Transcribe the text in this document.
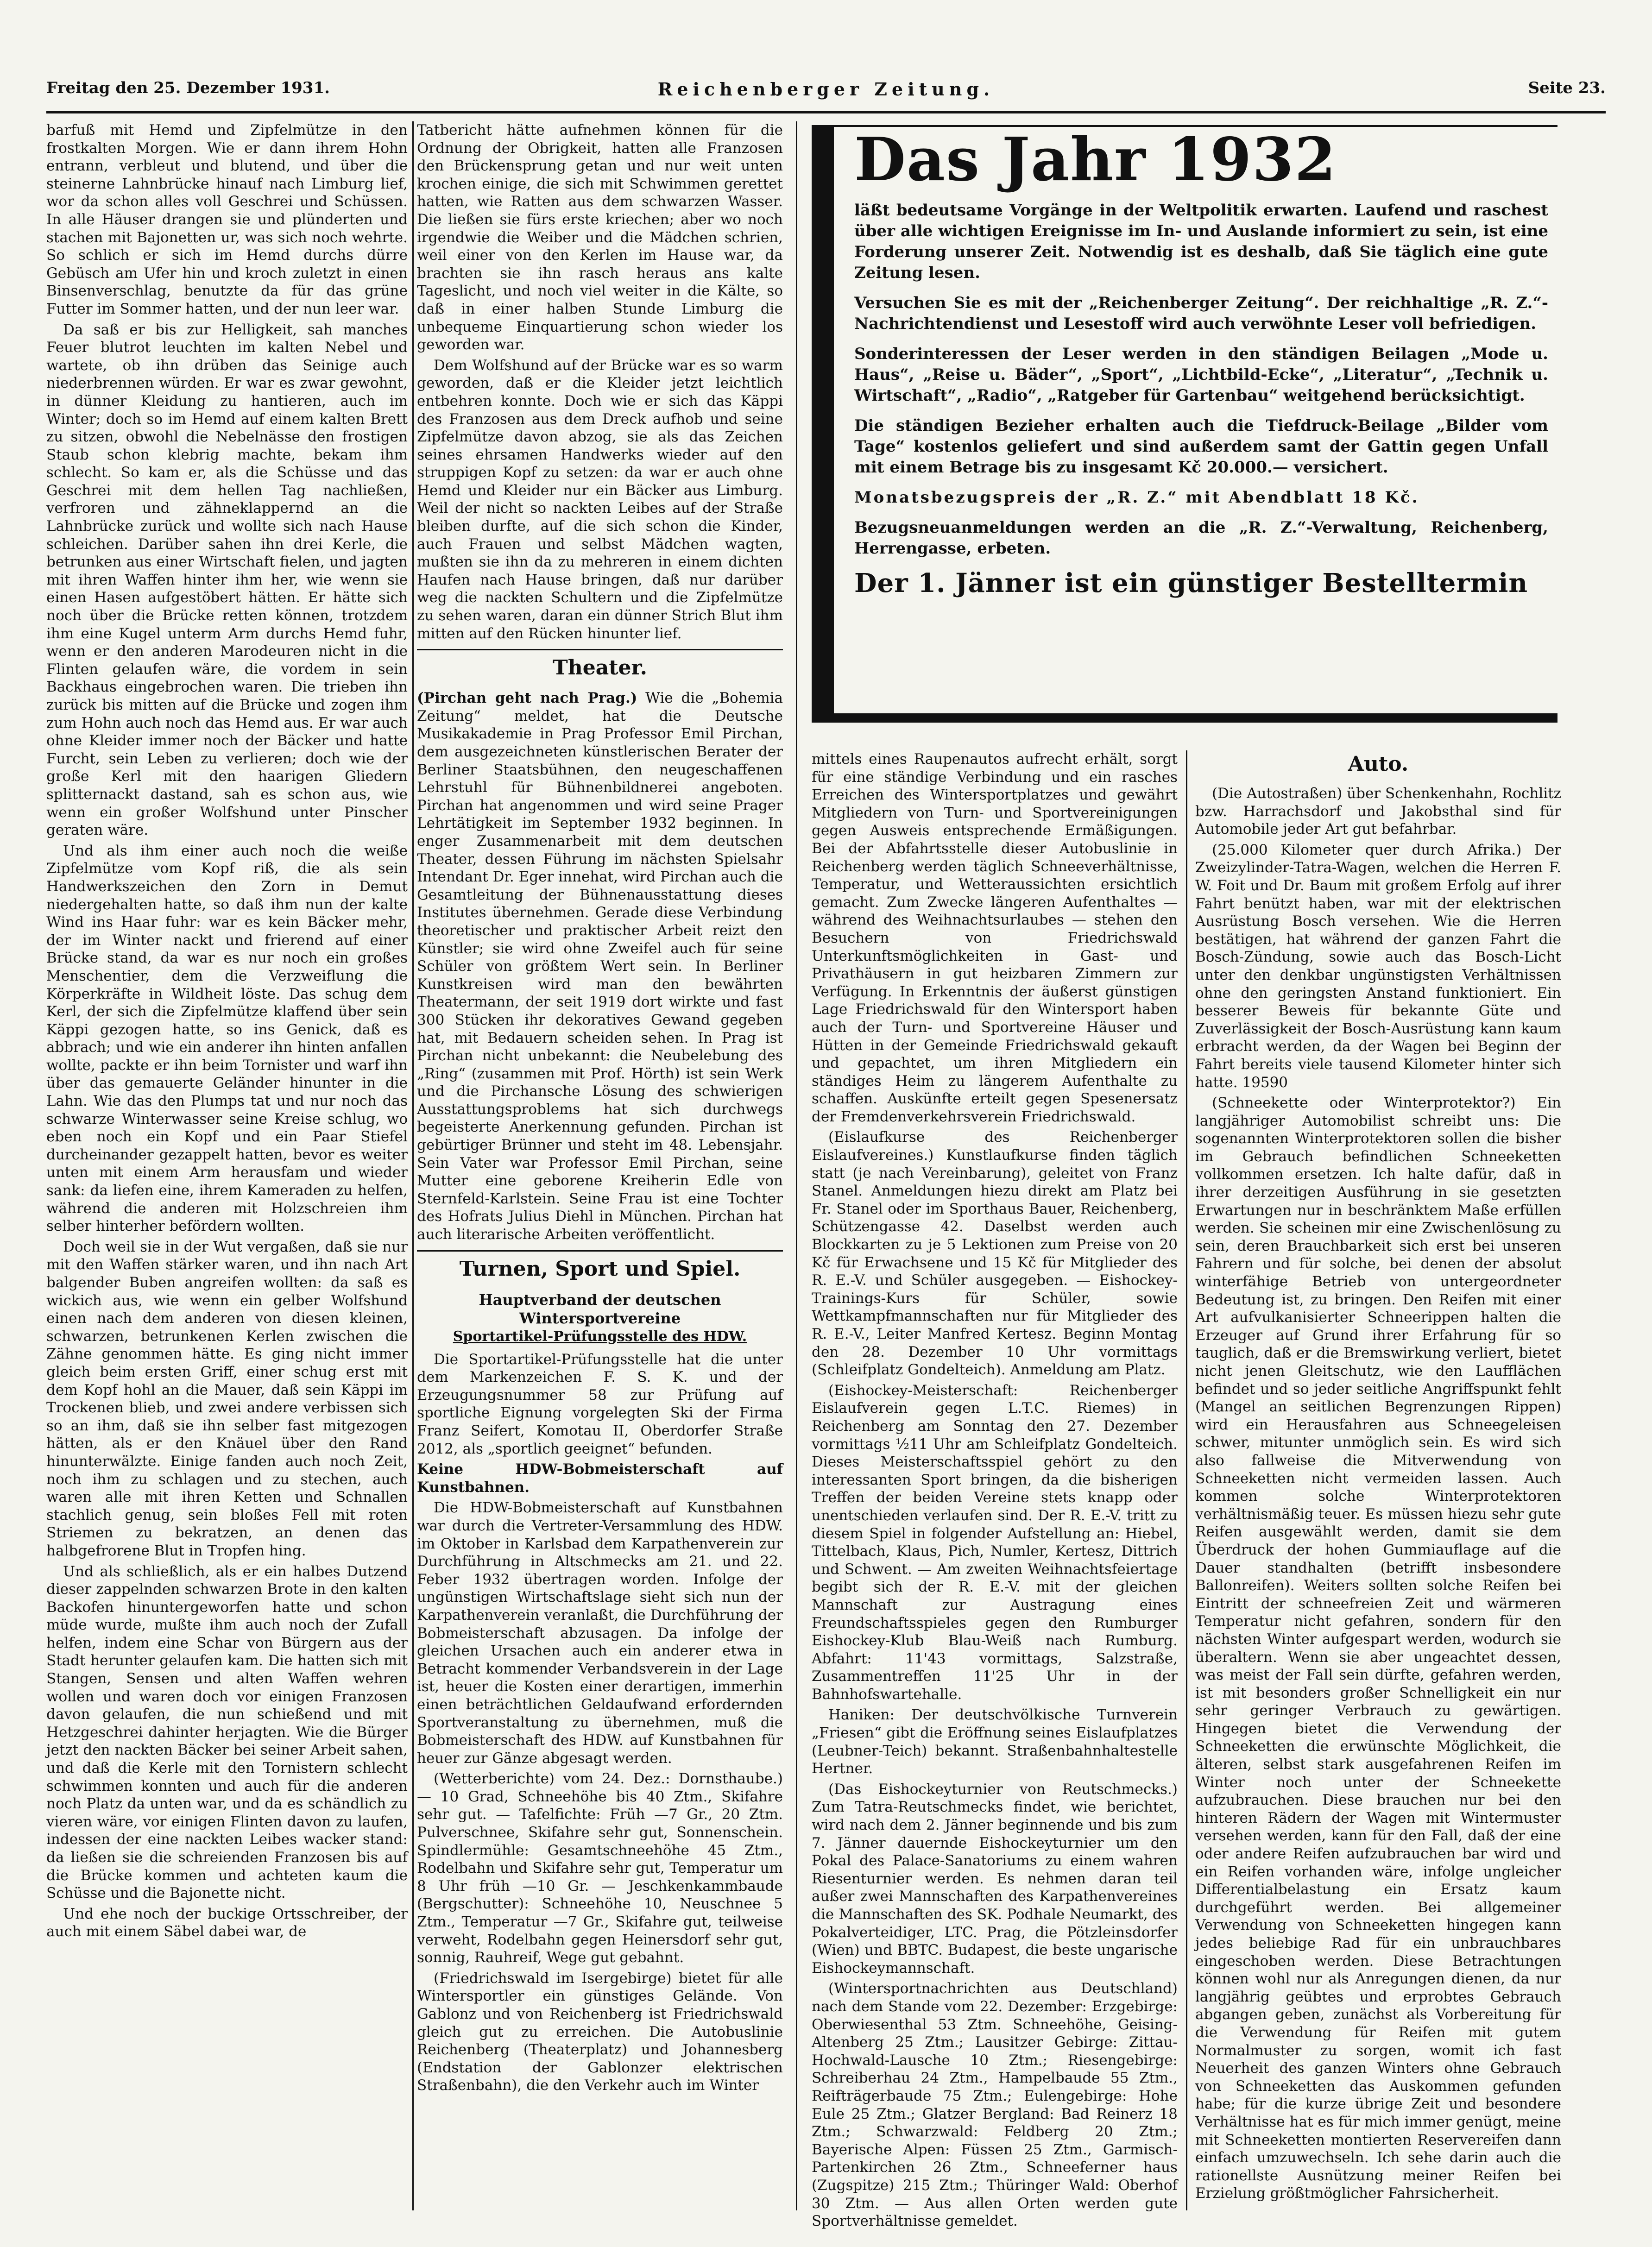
Freitag den 25. Dezember 1931.	Reichenberger Zeitung.	Seite 23.

barfuß mit Hemd und Zipfelmütze in den frostkalten Morgen. Wie er dann ihrem Hohn entrann, verbleut und blutend, und über die steinerne Lahnbrücke hinauf nach Limburg lief, wor da schon alles voll Geschrei und Schüssen. In alle Häuser drangen sie und plünderten und stachen mit Bajonetten ur, was sich noch wehrte. So schlich er sich im Hemd durchs dürre Gebüsch am Ufer hin und kroch zuletzt in einen Binsenverschlag, benutzte da für das grüne Futter im Sommer hatten, und der nun leer war.

Da saß er bis zur Helligkeit, sah manches Feuer blutrot leuchten im kalten Nebel und wartete, ob ihn drüben das Seinige auch niederbrennen würden. Er war es zwar gewohnt, in dünner Kleidung zu hantieren, auch im Winter; doch so im Hemd auf einem kalten Brett zu sitzen, obwohl die Nebelnässe den frostigen Staub schon klebrig machte, bekam ihm schlecht. So kam er, als die Schüsse und das Geschrei mit dem hellen Tag nachließen, verfroren und zähneklappernd an die Lahnbrücke zurück und wollte sich nach Hause schleichen. Darüber sahen ihn drei Kerle, die betrunken aus einer Wirtschaft fielen, und jagten mit ihren Waffen hinter ihm her, wie wenn sie einen Hasen aufgestöbert hätten. Er hätte sich noch über die Brücke retten können, trotzdem ihm eine Kugel unterm Arm durchs Hemd fuhr, wenn er den anderen Marodeuren nicht in die Flinten gelaufen wäre, die vordem in sein Backhaus eingebrochen waren. Die trieben ihn zurück bis mitten auf die Brücke und zogen ihm zum Hohn auch noch das Hemd aus. Er war auch ohne Kleider immer noch der Bäcker und hatte Furcht, sein Leben zu verlieren; doch wie der große Kerl mit den haarigen Gliedern splitternackt dastand, sah es schon aus, wie wenn ein großer Wolfshund unter Pinscher geraten wäre.

Und als ihm einer auch noch die weiße Zipfelmütze vom Kopf riß, die als sein Handwerkszeichen den Zorn in Demut niedergehalten hatte, so daß ihm nun der kalte Wind ins Haar fuhr: war es kein Bäcker mehr, der im Winter nackt und frierend auf einer Brücke stand, da war es nur noch ein großes Menschentier, dem die Verzweiflung die Körperkräfte in Wildheit löste. Das schug dem Kerl, der sich die Zipfelmütze klaffend über sein Käppi gezogen hatte, so ins Genick, daß es abbrach; und wie ein anderer ihn hinten anfallen wollte, packte er ihn beim Tornister und warf ihn über das gemauerte Geländer hinunter in die Lahn. Wie das den Plumps tat und nur noch das schwarze Winterwasser seine Kreise schlug, wo eben noch ein Kopf und ein Paar Stiefel durcheinander gezappelt hatten, bevor es weiter unten mit einem Arm herausfam und wieder sank: da liefen eine, ihrem Kameraden zu helfen, während die anderen mit Holzschreien ihm selber hinterher befördern wollten.

Doch weil sie in der Wut vergaßen, daß sie nur mit den Waffen stärker waren, und ihn nach Art balgender Buben angreifen wollten: da saß es wickich aus, wie wenn ein gelber Wolfshund einen nach dem anderen von diesen kleinen, schwarzen, betrunkenen Kerlen zwischen die Zähne genommen hätte. Es ging nicht immer gleich beim ersten Griff, einer schug erst mit dem Kopf hohl an die Mauer, daß sein Käppi im Trockenen blieb, und zwei andere verbissen sich so an ihm, daß sie ihn selber fast mitgezogen hätten, als er den Knäuel über den Rand hinunterwälzte. Einige fanden auch noch Zeit, noch ihm zu schlagen und zu stechen, auch waren alle mit ihren Ketten und Schnallen stachlich genug, sein bloßes Fell mit roten Striemen zu bekratzen, an denen das halbgefrorene Blut in Tropfen hing.

Und als schließlich, als er ein halbes Dutzend dieser zappelnden schwarzen Brote in den kalten Backofen hinuntergeworfen hatte und schon müde wurde, mußte ihm auch noch der Zufall helfen, indem eine Schar von Bürgern aus der Stadt herunter gelaufen kam. Die hatten sich mit Stangen, Sensen und alten Waffen wehren wollen und waren doch vor einigen Franzosen davon gelaufen, die nun schießend und mit Hetzgeschrei dahinter herjagten. Wie die Bürger jetzt den nackten Bäcker bei seiner Arbeit sahen, und daß die Kerle mit den Tornistern schlecht schwimmen konnten und auch für die anderen noch Platz da unten war, und da es schändlich zu vieren wäre, vor einigen Flinten davon zu laufen, indessen der eine nackten Leibes wacker stand: da ließen sie die schreienden Franzosen bis auf die Brücke kommen und achteten kaum die Schüsse und die Bajonette nicht.

Und ehe noch der buckige Ortsschreiber, der auch mit einem Säbel dabei war, de

Tatbericht hätte aufnehmen können für die Ordnung der Obrigkeit, hatten alle Franzosen den Brückensprung getan und nur weit unten krochen einige, die sich mit Schwimmen gerettet hatten, wie Ratten aus dem schwarzen Wasser. Die ließen sie fürs erste kriechen; aber wo noch irgendwie die Weiber und die Mädchen schrien, weil einer von den Kerlen im Hause war, da brachten sie ihn rasch heraus ans kalte Tageslicht, und noch viel weiter in die Kälte, so daß in einer halben Stunde Limburg die unbequeme Einquartierung schon wieder los geworden war.

Dem Wolfshund auf der Brücke war es so warm geworden, daß er die Kleider jetzt leichtlich entbehren konnte. Doch wie er sich das Käppi des Franzosen aus dem Dreck aufhob und seine Zipfelmütze davon abzog, sie als das Zeichen seines ehrsamen Handwerks wieder auf den struppigen Kopf zu setzen: da war er auch ohne Hemd und Kleider nur ein Bäcker aus Limburg. Weil der nicht so nackten Leibes auf der Straße bleiben durfte, auf die sich schon die Kinder, auch Frauen und selbst Mädchen wagten, mußten sie ihn da zu mehreren in einem dichten Haufen nach Hause bringen, daß nur darüber weg die nackten Schultern und die Zipfelmütze zu sehen waren, daran ein dünner Strich Blut ihm mitten auf den Rücken hinunter lief.

Theater.

(Pirchan geht nach Prag.) Wie die „Bohemia Zeitung“ meldet, hat die Deutsche Musikakademie in Prag Professor Emil Pirchan, dem ausgezeichneten künstlerischen Berater der Berliner Staatsbühnen, den neugeschaffenen Lehrstuhl für Bühnenbildnerei angeboten. Pirchan hat angenommen und wird seine Prager Lehrtätigkeit im September 1932 beginnen. In enger Zusammenarbeit mit dem deutschen Theater, dessen Führung im nächsten Spielsahr Intendant Dr. Eger innehat, wird Pirchan auch die Gesamtleitung der Bühnenausstattung dieses Institutes übernehmen. Gerade diese Verbindung theoretischer und praktischer Arbeit reizt den Künstler; sie wird ohne Zweifel auch für seine Schüler von größtem Wert sein. In Berliner Kunstkreisen wird man den bewährten Theatermann, der seit 1919 dort wirkte und fast 300 Stücken ihr dekoratives Gewand gegeben hat, mit Bedauern scheiden sehen. In Prag ist Pirchan nicht unbekannt: die Neubelebung des „Ring“ (zusammen mit Prof. Hörth) ist sein Werk und die Pirchansche Lösung des schwierigen Ausstattungsproblems hat sich durchwegs begeisterte Anerkennung gefunden. Pirchan ist gebürtiger Brünner und steht im 48. Lebensjahr. Sein Vater war Professor Emil Pirchan, seine Mutter eine geborene Kreiherin Edle von Sternfeld-Karlstein. Seine Frau ist eine Tochter des Hofrats Julius Diehl in München. Pirchan hat auch literarische Arbeiten veröffentlicht.

Turnen, Sport und Spiel.
Hauptverband der deutschen Wintersportvereine
Sportartikel-Prüfungsstelle des HDW.

Die Sportartikel-Prüfungsstelle hat die unter dem Markenzeichen F. S. K. und der Erzeugungsnummer 58 zur Prüfung auf sportliche Eignung vorgelegten Ski der Firma Franz Seifert, Komotau II, Oberdorfer Straße 2012, als „sportlich geeignet“ befunden.

Keine HDW-Bobmeisterschaft auf Kunstbahnen.

Die HDW-Bobmeisterschaft auf Kunstbahnen war durch die Vertreter-Versammlung des HDW. im Oktober in Karlsbad dem Karpathenverein zur Durchführung in Altschmecks am 21. und 22. Feber 1932 übertragen worden. Infolge der ungünstigen Wirtschaftslage sieht sich nun der Karpathenverein veranlaßt, die Durchführung der Bobmeisterschaft abzusagen. Da infolge der gleichen Ursachen auch ein anderer etwa in Betracht kommender Verbandsverein in der Lage ist, heuer die Kosten einer derartigen, immerhin einen beträchtlichen Geldaufwand erfordernden Sportveranstaltung zu übernehmen, muß die Bobmeisterschaft des HDW. auf Kunstbahnen für heuer zur Gänze abgesagt werden.

(Wetterberichte) vom 24. Dez.: Dornsthaube.) — 10 Grad, Schneehöhe bis 40 Ztm., Skifahre sehr gut. — Tafelfichte: Früh —7 Gr., 20 Ztm. Pulverschnee, Skifahre sehr gut, Sonnenschein. Spindlermühle: Gesamtschneehöhe 45 Ztm., Rodelbahn und Skifahre sehr gut, Temperatur um 8 Uhr früh —10 Gr. — Jeschkenkammbaude (Bergschutter): Schneehöhe 10, Neuschnee 5 Ztm., Temperatur —7 Gr., Skifahre gut, teilweise verweht, Rodelbahn gegen Heinersdorf sehr gut, sonnig, Rauhreif, Wege gut gebahnt.

(Friedrichswald im Isergebirge) bietet für alle Wintersportler ein günstiges Gelände. Von Gablonz und von Reichenberg ist Friedrichswald gleich gut zu erreichen. Die Autobuslinie Reichenberg (Theaterplatz) und Johannesberg (Endstation der Gablonzer elektrischen Straßenbahn), die den Verkehr auch im Winter

Das Jahr 1932

läßt bedeutsame Vorgänge in der Weltpolitik erwarten. Laufend und raschest über alle wichtigen Ereignisse im In- und Auslande informiert zu sein, ist eine Forderung unserer Zeit. Notwendig ist es deshalb, daß Sie täglich eine gute Zeitung lesen.

Versuchen Sie es mit der „Reichenberger Zeitung“. Der reichhaltige „R. Z.“-Nachrichtendienst und Lesestoff wird auch verwöhnte Leser voll befriedigen.

Sonderinteressen der Leser werden in den ständigen Beilagen „Mode u. Haus“, „Reise u. Bäder“, „Sport“, „Lichtbild-Ecke“, „Literatur“, „Technik u. Wirtschaft“, „Radio“, „Ratgeber für Gartenbau“ weitgehend berücksichtigt.

Die ständigen Bezieher erhalten auch die Tiefdruck-Beilage „Bilder vom Tage“ kostenlos geliefert und sind außerdem samt der Gattin gegen Unfall mit einem Betrage bis zu insgesamt Kč 20.000.— versichert.

Monatsbezugspreis der „R. Z.“ mit Abendblatt 18 Kč.

Bezugsneuanmeldungen werden an die „R. Z.“-Verwaltung, Reichenberg, Herrengasse, erbeten.

Der 1. Jänner ist ein günstiger Bestelltermin

mittels eines Raupenautos aufrecht erhält, sorgt für eine ständige Verbindung und ein rasches Erreichen des Wintersportplatzes und gewährt Mitgliedern von Turn- und Sportvereinigungen gegen Ausweis entsprechende Ermäßigungen. Bei der Abfahrtsstelle dieser Autobuslinie in Reichenberg werden täglich Schneeverhältnisse, Temperatur, und Wetteraussichten ersichtlich gemacht. Zum Zwecke längeren Aufenthaltes — während des Weihnachtsurlaubes — stehen den Besuchern von Friedrichswald Unterkunftsmöglichkeiten in Gast- und Privathäusern in gut heizbaren Zimmern zur Verfügung. In Erkenntnis der äußerst günstigen Lage Friedrichswald für den Wintersport haben auch der Turn- und Sportvereine Häuser und Hütten in der Gemeinde Friedrichswald gekauft und gepachtet, um ihren Mitgliedern ein ständiges Heim zu längerem Aufenthalte zu schaffen. Auskünfte erteilt gegen Spesenersatz der Fremdenverkehrsverein Friedrichswald.

(Eislaufkurse des Reichenberger Eislaufvereines.) Kunstlaufkurse finden täglich statt (je nach Vereinbarung), geleitet von Franz Stanel. Anmeldungen hiezu direkt am Platz bei Fr. Stanel oder im Sporthaus Bauer, Reichenberg, Schützengasse 42. Daselbst werden auch Blockkarten zu je 5 Lektionen zum Preise von 20 Kč für Erwachsene und 15 Kč für Mitglieder des R. E.-V. und Schüler ausgegeben. — Eishockey-Trainings-Kurs für Schüler, sowie Wettkampfmannschaften nur für Mitglieder des R. E.-V., Leiter Manfred Kertesz. Beginn Montag den 28. Dezember 10 Uhr vormittags (Schleifplatz Gondelteich). Anmeldung am Platz.

(Eishockey-Meisterschaft: Reichenberger Eislaufverein gegen L.T.C. Riemes) in Reichenberg am Sonntag den 27. Dezember vormittags ½11 Uhr am Schleifplatz Gondelteich. Dieses Meisterschaftsspiel gehört zu den interessanten Sport bringen, da die bisherigen Treffen der beiden Vereine stets knapp oder unentschieden verlaufen sind. Der R. E.-V. tritt zu diesem Spiel in folgender Aufstellung an: Hiebel, Tittelbach, Klaus, Pich, Numler, Kertesz, Dittrich und Schwent. — Am zweiten Weihnachtsfeiertage begibt sich der R. E.-V. mit der gleichen Mannschaft zur Austragung eines Freundschaftsspieles gegen den Rumburger Eishockey-Klub Blau-Weiß nach Rumburg. Abfahrt: 11'43 vormittags, Salzstraße, Zusammentreffen 11'25 Uhr in der Bahnhofswartehalle.

Haniken: Der deutschvölkische Turnverein „Friesen“ gibt die Eröffnung seines Eislaufplatzes (Leubner-Teich) bekannt. Straßenbahnhaltestelle Hertner.

(Das Eishockeyturnier von Reutschmecks.) Zum Tatra-Reutschmecks findet, wie berichtet, wird nach dem 2. Jänner beginnende und bis zum 7. Jänner dauernde Eishockeyturnier um den Pokal des Palace-Sanatoriums zu einem wahren Riesenturnier werden. Es nehmen daran teil außer zwei Mannschaften des Karpathenvereines die Mannschaften des SK. Podhale Neumarkt, des Pokalverteidiger, LTC. Prag, die Pötzleinsdorfer (Wien) und BBTC. Budapest, die beste ungarische Eishockeymannschaft.

(Wintersportnachrichten aus Deutschland) nach dem Stande vom 22. Dezember: Erzgebirge: Oberwiesenthal 53 Ztm. Schneehöhe, Geising-Altenberg 25 Ztm.; Lausitzer Gebirge: Zittau-Hochwald-Lausche 10 Ztm.; Riesengebirge: Schreiberhau 24 Ztm., Hampelbaude 55 Ztm., Reifträgerbaude 75 Ztm.; Eulengebirge: Hohe Eule 25 Ztm.; Glatzer Bergland: Bad Reinerz 18 Ztm.; Schwarzwald: Feldberg 20 Ztm.; Bayerische Alpen: Füssen 25 Ztm., Garmisch-Partenkirchen 26 Ztm., Schneeferner haus (Zugspitze) 215 Ztm.; Thüringer Wald: Oberhof 30 Ztm. — Aus allen Orten werden gute Sportverhältnisse gemeldet.

Auto.

(Die Autostraßen) über Schenkenhahn, Rochlitz bzw. Harrachsdorf und Jakobsthal sind für Automobile jeder Art gut befahrbar.

(25.000 Kilometer quer durch Afrika.) Der Zweizylinder-Tatra-Wagen, welchen die Herren F. W. Foit und Dr. Baum mit großem Erfolg auf ihrer Fahrt benützt haben, war mit der elektrischen Ausrüstung Bosch versehen. Wie die Herren bestätigen, hat während der ganzen Fahrt die Bosch-Zündung, sowie auch das Bosch-Licht unter den denkbar ungünstigsten Verhältnissen ohne den geringsten Anstand funktioniert. Ein besserer Beweis für bekannte Güte und Zuverlässigkeit der Bosch-Ausrüstung kann kaum erbracht werden, da der Wagen bei Beginn der Fahrt bereits viele tausend Kilometer hinter sich hatte. 19590

(Schneekette oder Winterprotektor?) Ein langjähriger Automobilist schreibt uns: Die sogenannten Winterprotektoren sollen die bisher im Gebrauch befindlichen Schneeketten vollkommen ersetzen. Ich halte dafür, daß in ihrer derzeitigen Ausführung in sie gesetzten Erwartungen nur in beschränktem Maße erfüllen werden. Sie scheinen mir eine Zwischenlösung zu sein, deren Brauchbarkeit sich erst bei unseren Fahrern und für solche, bei denen der absolut winterfähige Betrieb von untergeordneter Bedeutung ist, zu bringen. Den Reifen mit einer Art aufvulkanisierter Schneerippen halten die Erzeuger auf Grund ihrer Erfahrung für so tauglich, daß er die Bremswirkung verliert, bietet nicht jenen Gleitschutz, wie den Laufflächen befindet und so jeder seitliche Angriffspunkt fehlt (Mangel an seitlichen Begrenzungen Rippen) wird ein Herausfahren aus Schneegeleisen schwer, mitunter unmöglich sein. Es wird sich also fallweise die Mitverwendung von Schneeketten nicht vermeiden lassen. Auch kommen solche Winterprotektoren verhältnismäßig teuer. Es müssen hiezu sehr gute Reifen ausgewählt werden, damit sie dem Überdruck der hohen Gummiauflage auf die Dauer standhalten (betrifft insbesondere Ballonreifen). Weiters sollten solche Reifen bei Eintritt der schneefreien Zeit und wärmeren Temperatur nicht gefahren, sondern für den nächsten Winter aufgespart werden, wodurch sie überaltern. Wenn sie aber ungeachtet dessen, was meist der Fall sein dürfte, gefahren werden, ist mit besonders großer Schnelligkeit ein nur sehr geringer Verbrauch zu gewärtigen. Hingegen bietet die Verwendung der Schneeketten die erwünschte Möglichkeit, die älteren, selbst stark ausgefahrenen Reifen im Winter noch unter der Schneekette aufzubrauchen. Diese brauchen nur bei den hinteren Rädern der Wagen mit Wintermuster versehen werden, kann für den Fall, daß der eine oder andere Reifen aufzubrauchen bar wird und ein Reifen vorhanden wäre, infolge ungleicher Differentialbelastung ein Ersatz kaum durchgeführt werden. Bei allgemeiner Verwendung von Schneeketten hingegen kann jedes beliebige Rad für ein unbrauchbares eingeschoben werden. Diese Betrachtungen können wohl nur als Anregungen dienen, da nur langjährig geübtes und erprobtes Gebrauch abgangen geben, zunächst als Vorbereitung für die Verwendung für Reifen mit gutem Normalmuster zu sorgen, womit ich fast Neuerheit des ganzen Winters ohne Gebrauch von Schneeketten das Auskommen gefunden habe; für die kurze übrige Zeit und besondere Verhältnisse hat es für mich immer genügt, meine mit Schneeketten montierten Reservereifen dann einfach umzuwechseln. Ich sehe darin auch die rationellste Ausnützung meiner Reifen bei Erzielung größtmöglicher Fahrsicherheit.
